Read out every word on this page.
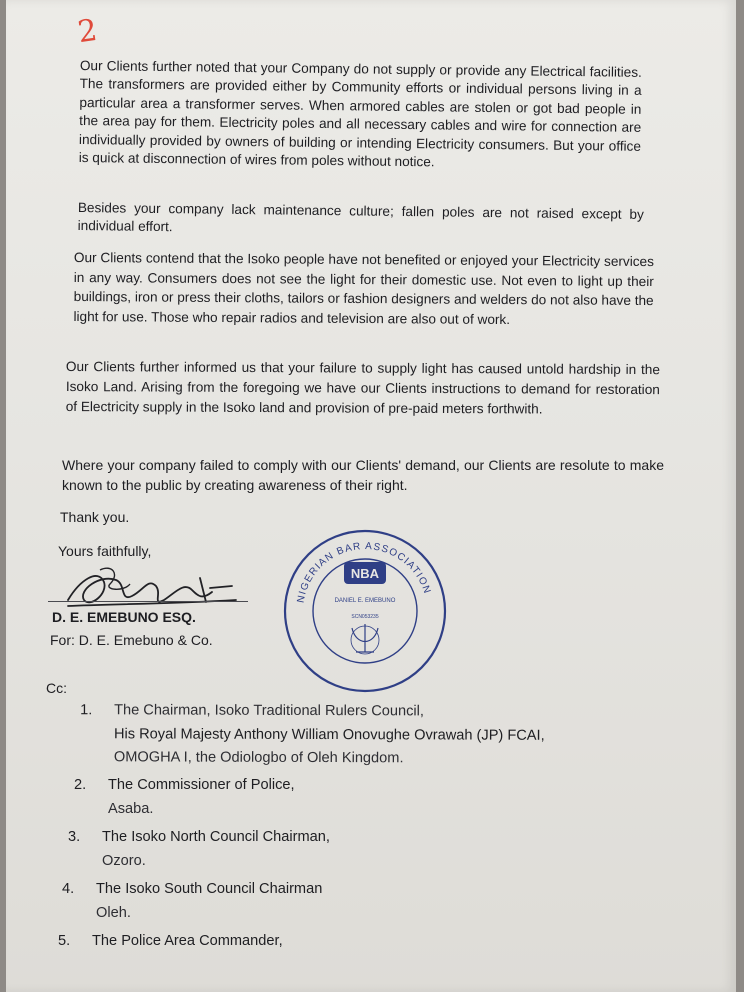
2

Our Clients further noted that your Company do not supply or provide any Electrical facilities. The transformers are provided either by Community efforts or individual persons living in a particular area a transformer serves. When armored cables are stolen or got bad people in the area pay for them. Electricity poles and all necessary cables and wire for connection are individually provided by owners of building or intending Electricity consumers. But your office is quick at disconnection of wires from poles without notice.

Besides your company lack maintenance culture; fallen poles are not raised except by individual effort.

Our Clients contend that the Isoko people have not benefited or enjoyed your Electricity services in any way. Consumers does not see the light for their domestic use. Not even to light up their buildings, iron or press their cloths, tailors or fashion designers and welders do not also have the light for use. Those who repair radios and television are also out of work.

Our Clients further informed us that your failure to supply light has caused untold hardship in the Isoko Land. Arising from the foregoing we have our Clients instructions to demand for restoration of Electricity supply in the Isoko land and provision of pre-paid meters forthwith.

Where your company failed to comply with our Clients' demand, our Clients are resolute to make known to the public by creating awareness of their right.

Thank you.
Yours faithfully,
D. E. EMEBUNO ESQ.
For: D. E. Emebuno & Co.
NIGERIAN BAR ASSOCIATION
NBA
DANIEL E. EMEBUNO
SCN053235
Cc:
1.	The Chairman, Isoko Traditional Rulers Council,
His Royal Majesty Anthony William Onovughe Ovrawah (JP) FCAI,
OMOGHA I, the Odiologbo of Oleh Kingdom.
2.	The Commissioner of Police,
Asaba.
3.	The Isoko North Council Chairman,
Ozoro.
4.	The Isoko South Council Chairman
Oleh.
5.	The Police Area Commander,
